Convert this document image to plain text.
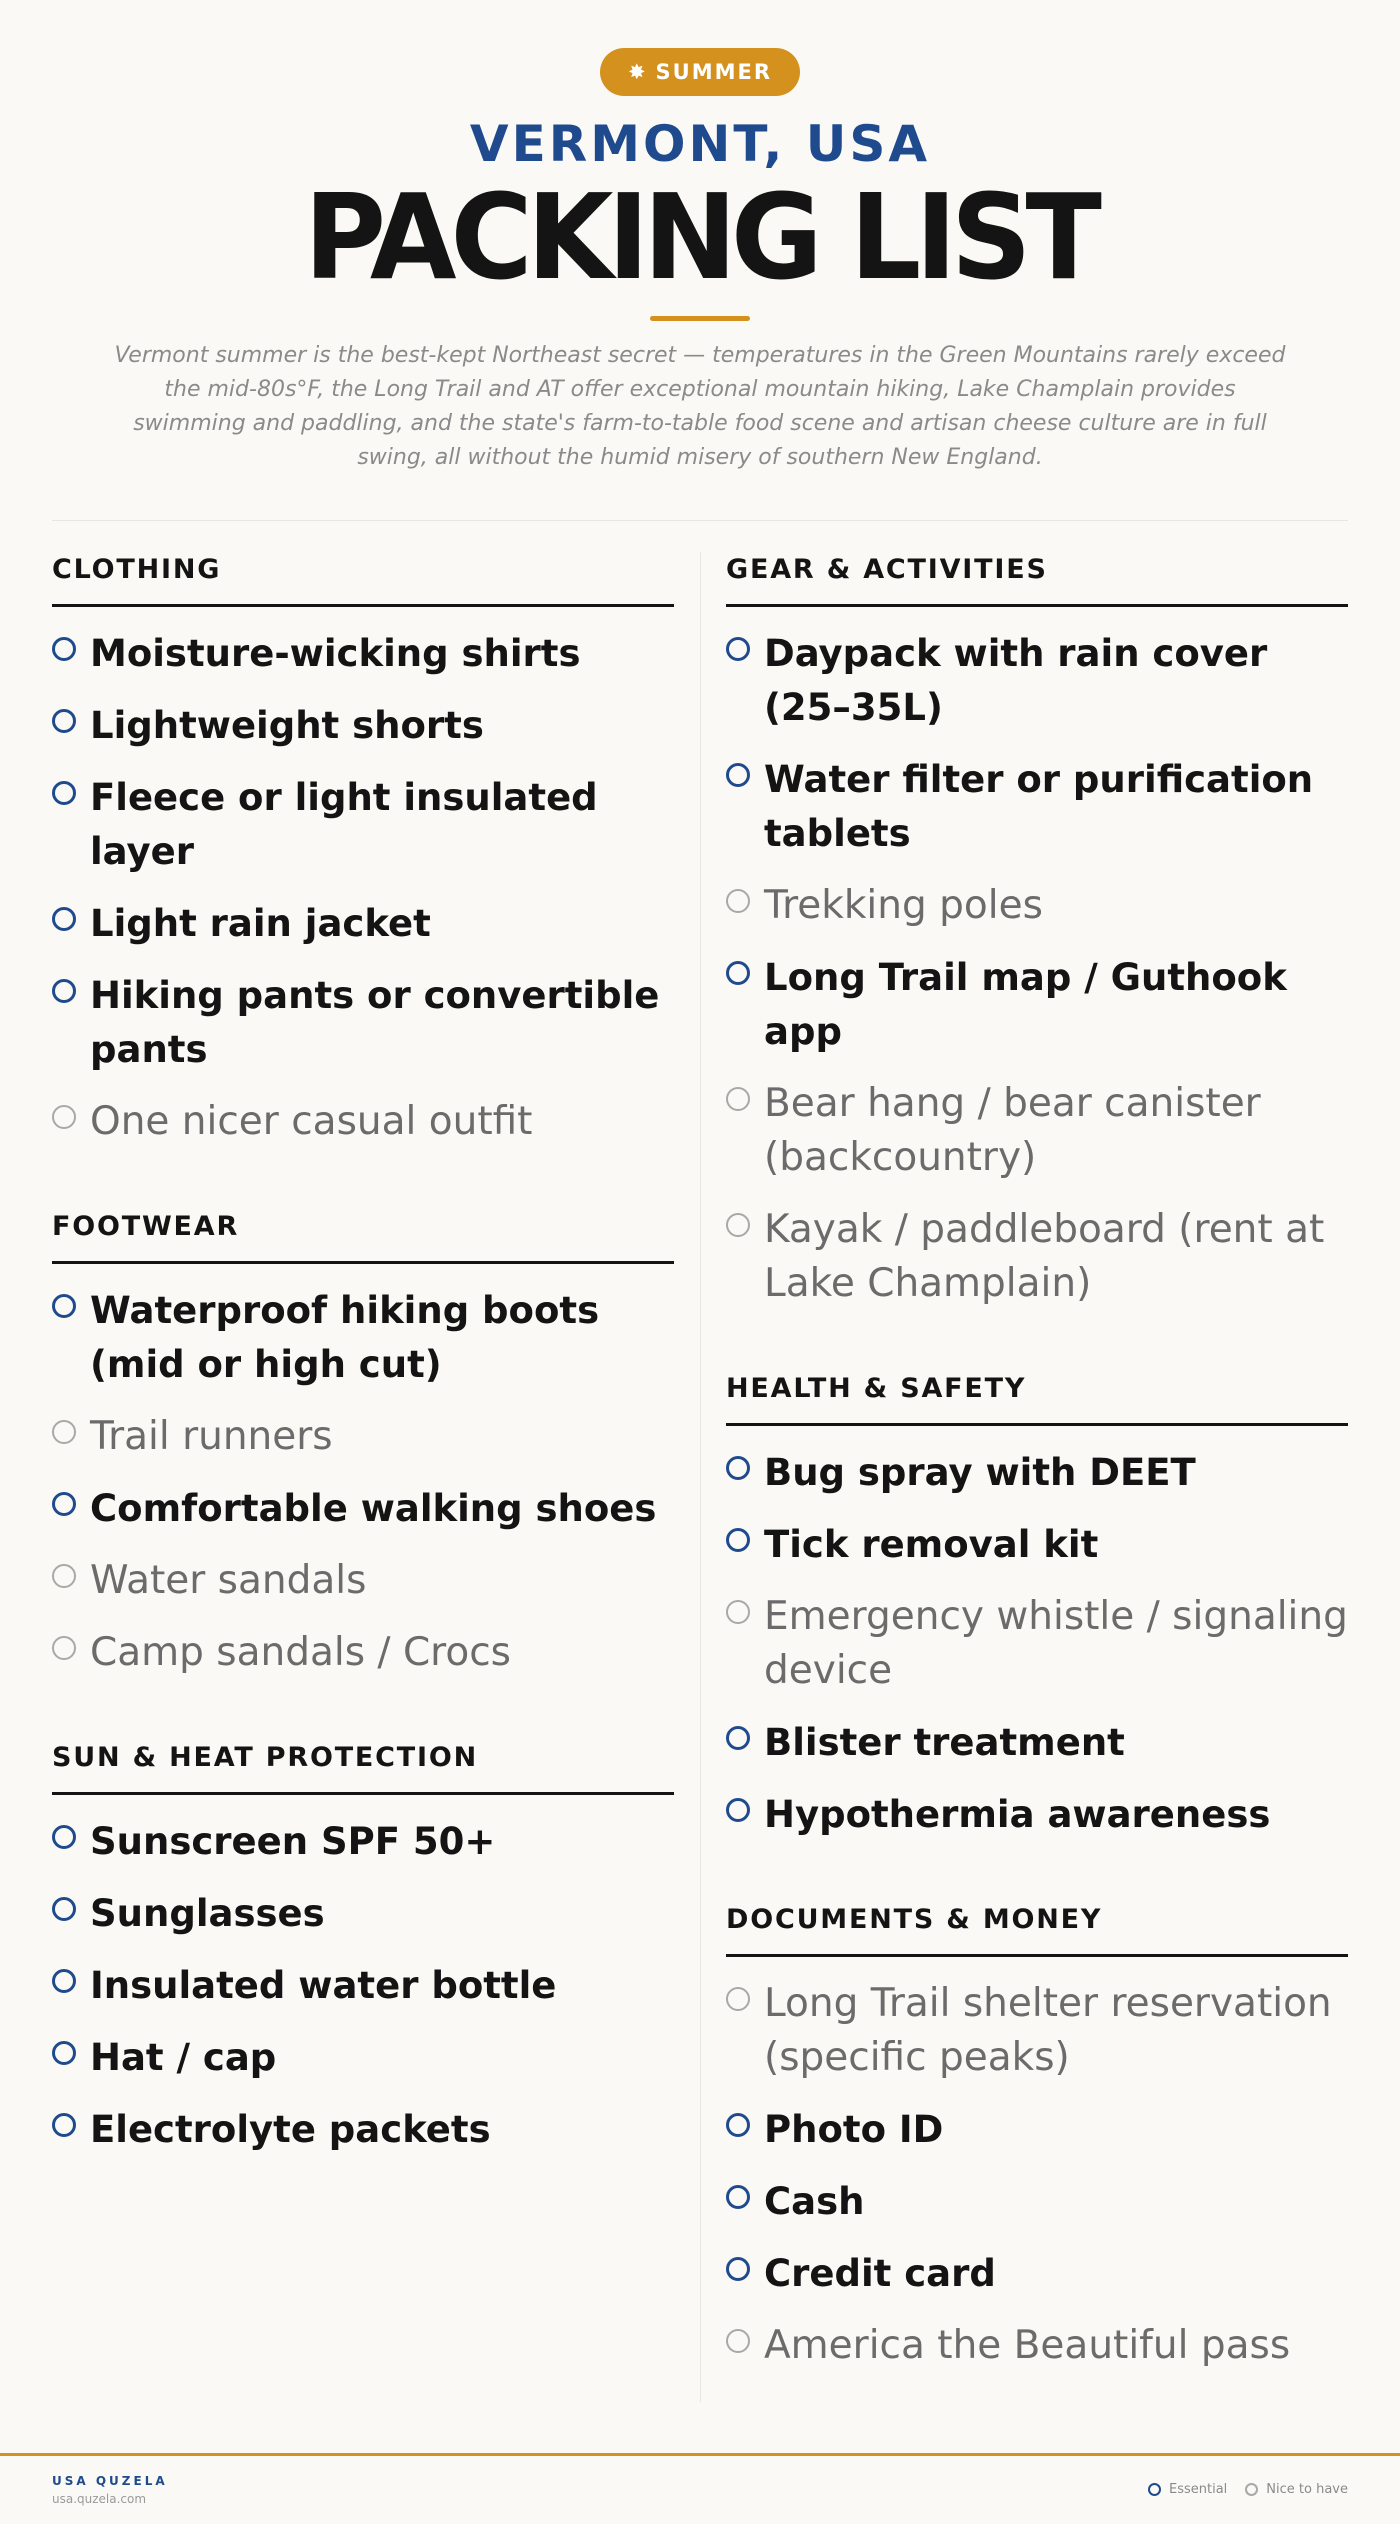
✸ SUMMER
VERMONT, USA
PACKING LIST

Vermont summer is the best-kept Northeast secret — temperatures in the Green Mountains rarely exceed the mid-80s°F, the Long Trail and AT offer exceptional mountain hiking, Lake Champlain provides swimming and paddling, and the state's farm-to-table food scene and artisan cheese culture are in full swing, all without the humid misery of southern New England.

CLOTHING
Moisture-wicking shirts
Lightweight shorts
Fleece or light insulated layer
Light rain jacket
Hiking pants or convertible pants
One nicer casual outfit
FOOTWEAR
Waterproof hiking boots (mid or high cut)
Trail runners
Comfortable walking shoes
Water sandals
Camp sandals / Crocs
SUN & HEAT PROTECTION
Sunscreen SPF 50+
Sunglasses
Insulated water bottle
Hat / cap
Electrolyte packets
GEAR & ACTIVITIES
Daypack with rain cover (25–35L)
Water filter or purification tablets
Trekking poles
Long Trail map / Guthook app
Bear hang / bear canister (backcountry)
Kayak / paddleboard (rent at Lake Champlain)
HEALTH & SAFETY
Bug spray with DEET
Tick removal kit
Emergency whistle / signaling device
Blister treatment
Hypothermia awareness
DOCUMENTS & MONEY
Long Trail shelter reservation (specific peaks)
Photo ID
Cash
Credit card
America the Beautiful pass
USA QUZELA
usa.quzela.com
Essential	Nice to have
